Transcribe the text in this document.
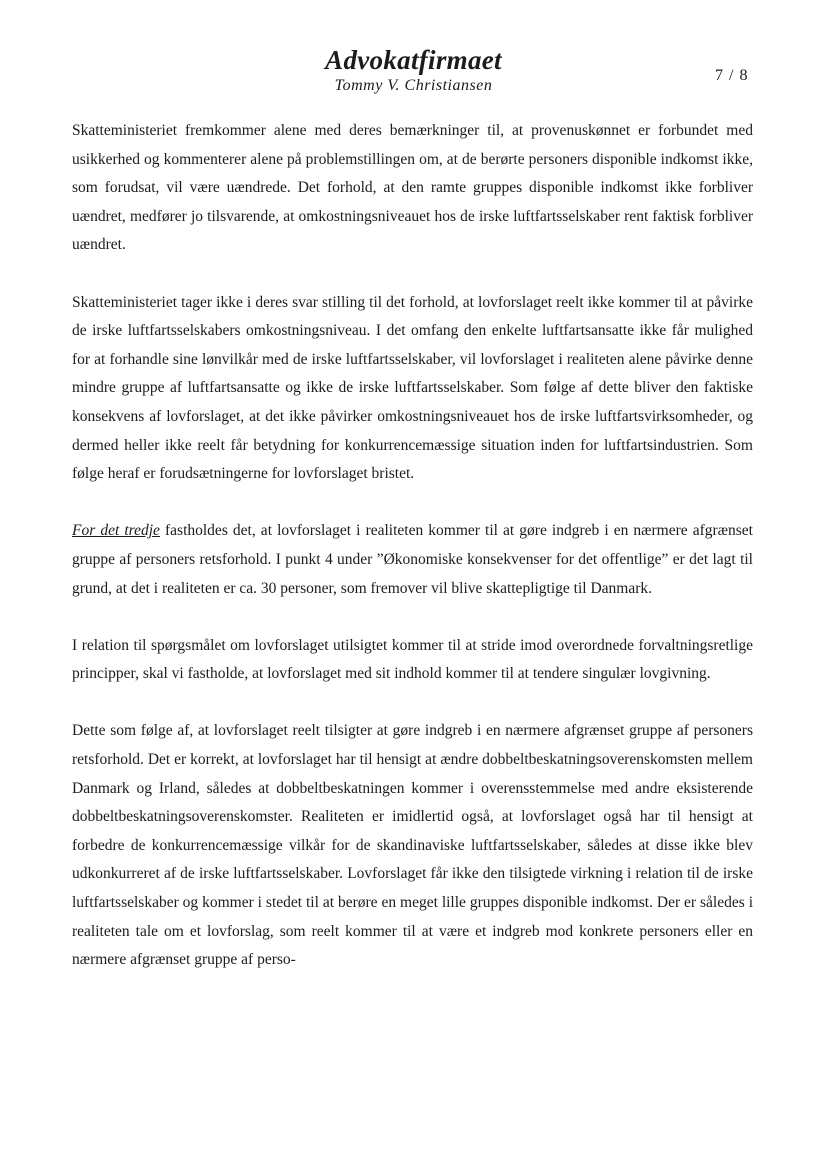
Advokatfirmaet
Tommy V. Christiansen
7 / 8

Skatteministeriet fremkommer alene med deres bemærkninger til, at provenuskønnet er forbundet med usikkerhed og kommenterer alene på problemstillingen om, at de berørte personers disponible indkomst ikke, som forudsat, vil være uændrede. Det forhold, at den ramte gruppes disponible indkomst ikke forbliver uændret, medfører jo tilsvarende, at omkostningsniveauet hos de irske luftfartsselskaber rent faktisk forbliver uændret.

Skatteministeriet tager ikke i deres svar stilling til det forhold, at lovforslaget reelt ikke kommer til at påvirke de irske luftfartsselskabers omkostningsniveau. I det omfang den enkelte luftfartsansatte ikke får mulighed for at forhandle sine lønvilkår med de irske luftfartsselskaber, vil lovforslaget i realiteten alene påvirke denne mindre gruppe af luftfartsansatte og ikke de irske luftfartsselskaber. Som følge af dette bliver den faktiske konsekvens af lovforslaget, at det ikke påvirker omkostningsniveauet hos de irske luftfartsvirksomheder, og dermed heller ikke reelt får betydning for konkurrencemæssige situation inden for luftfartsindustrien. Som følge heraf er forudsætningerne for lovforslaget bristet.

For det tredje fastholdes det, at lovforslaget i realiteten kommer til at gøre indgreb i en nærmere afgrænset gruppe af personers retsforhold. I punkt 4 under ”Økonomiske konsekvenser for det offentlige” er det lagt til grund, at det i realiteten er ca. 30 personer, som fremover vil blive skattepligtige til Danmark.

I relation til spørgsmålet om lovforslaget utilsigtet kommer til at stride imod overordnede forvaltningsretlige principper, skal vi fastholde, at lovforslaget med sit indhold kommer til at tendere singulær lovgivning.

Dette som følge af, at lovforslaget reelt tilsigter at gøre indgreb i en nærmere afgrænset gruppe af personers retsforhold. Det er korrekt, at lovforslaget har til hensigt at ændre dobbeltbeskatningsoverenskomsten mellem Danmark og Irland, således at dobbeltbeskatningen kommer i overensstemmelse med andre eksisterende dobbeltbeskatningsoverenskomster. Realiteten er imidlertid også, at lovforslaget også har til hensigt at forbedre de konkurrencemæssige vilkår for de skandinaviske luftfartsselskaber, således at disse ikke blev udkonkurreret af de irske luftfartsselskaber. Lovforslaget får ikke den tilsigtede virkning i relation til de irske luftfartsselskaber og kommer i stedet til at berøre en meget lille gruppes disponible indkomst. Der er således i realiteten tale om et lovforslag, som reelt kommer til at være et indgreb mod konkrete personers eller en nærmere afgrænset gruppe af perso-
